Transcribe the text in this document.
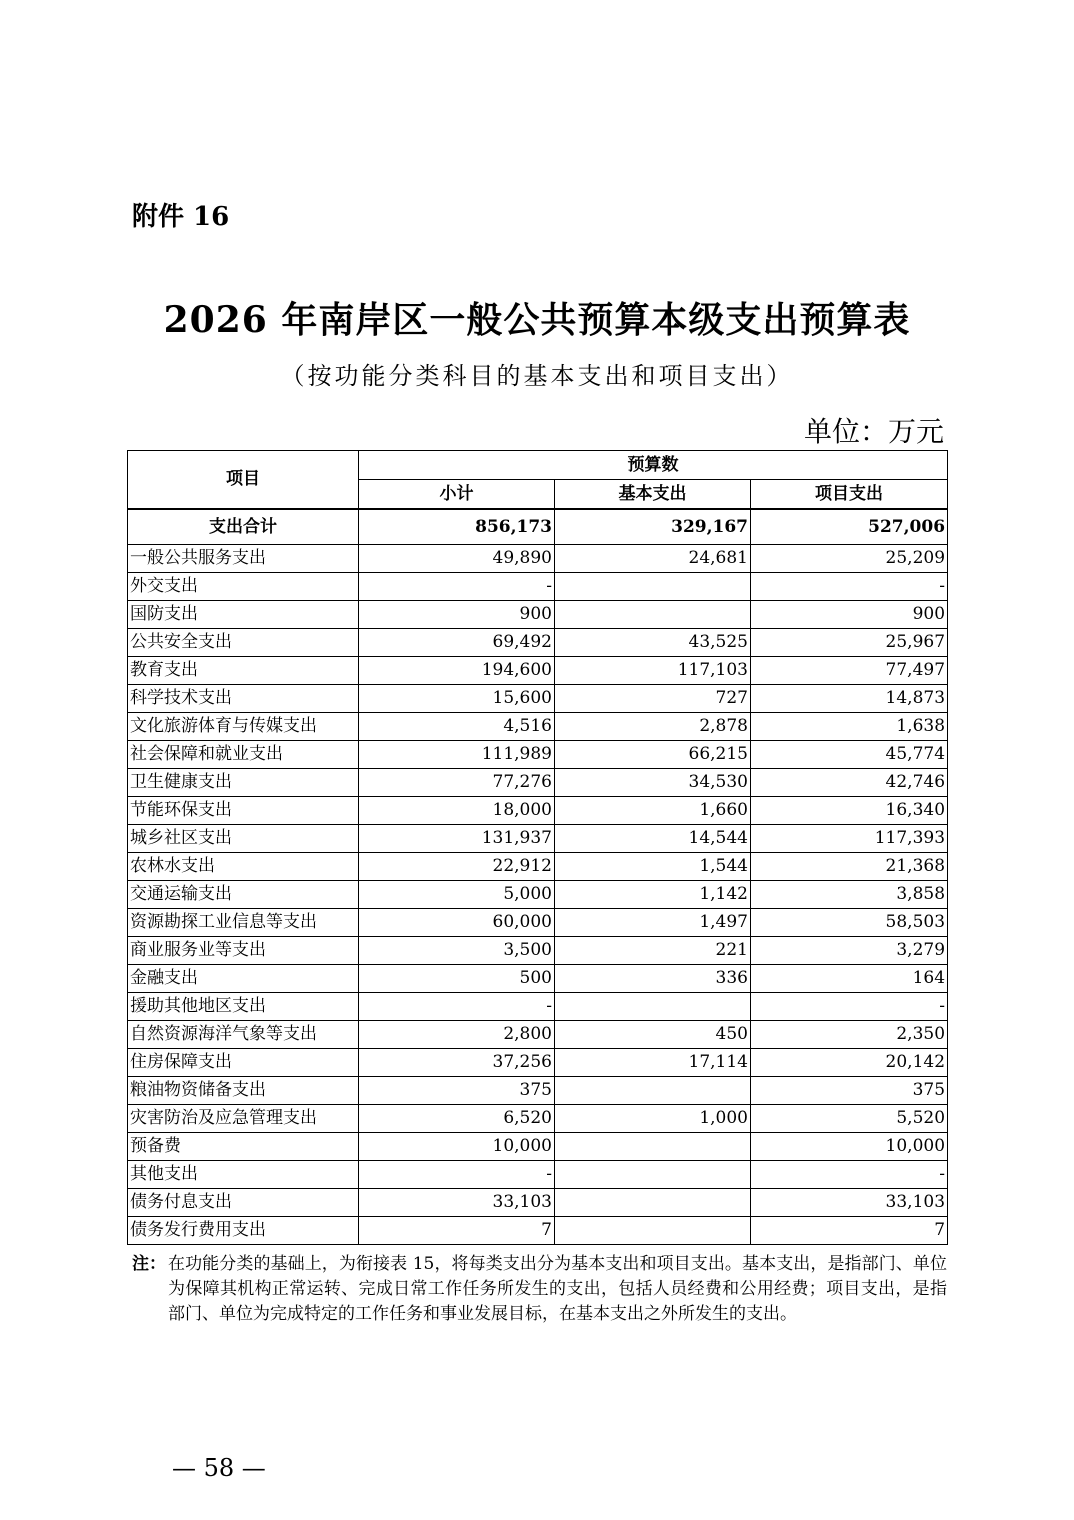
附件 16
2026 年南岸区一般公共预算本级支出预算表
（按功能分类科目的基本支出和项目支出）
单位：万元
项目	预算数		
	小计	基本支出	项目支出
支出合计	856,173	329,167	527,006
一般公共服务支出	49,890	24,681	25,209
外交支出	-		-
国防支出	900		900
公共安全支出	69,492	43,525	25,967
教育支出	194,600	117,103	77,497
科学技术支出	15,600	727	14,873
文化旅游体育与传媒支出	4,516	2,878	1,638
社会保障和就业支出	111,989	66,215	45,774
卫生健康支出	77,276	34,530	42,746
节能环保支出	18,000	1,660	16,340
城乡社区支出	131,937	14,544	117,393
农林水支出	22,912	1,544	21,368
交通运输支出	5,000	1,142	3,858
资源勘探工业信息等支出	60,000	1,497	58,503
商业服务业等支出	3,500	221	3,279
金融支出	500	336	164
援助其他地区支出	-		-
自然资源海洋气象等支出	2,800	450	2,350
住房保障支出	37,256	17,114	20,142
粮油物资储备支出	375		375
灾害防治及应急管理支出	6,520	1,000	5,520
预备费	10,000		10,000
其他支出	-		-
债务付息支出	33,103		33,103
债务发行费用支出	7		7
注： 在功能分类的基础上，为衔接表 15，将每类支出分为基本支出和项目支出。基本支出，是指部门、单位为保障其机构正常运转、完成日常工作任务所发生的支出，包括人员经费和公用经费；项目支出，是指部门、单位为完成特定的工作任务和事业发展目标，在基本支出之外所发生的支出。
— 58 —
